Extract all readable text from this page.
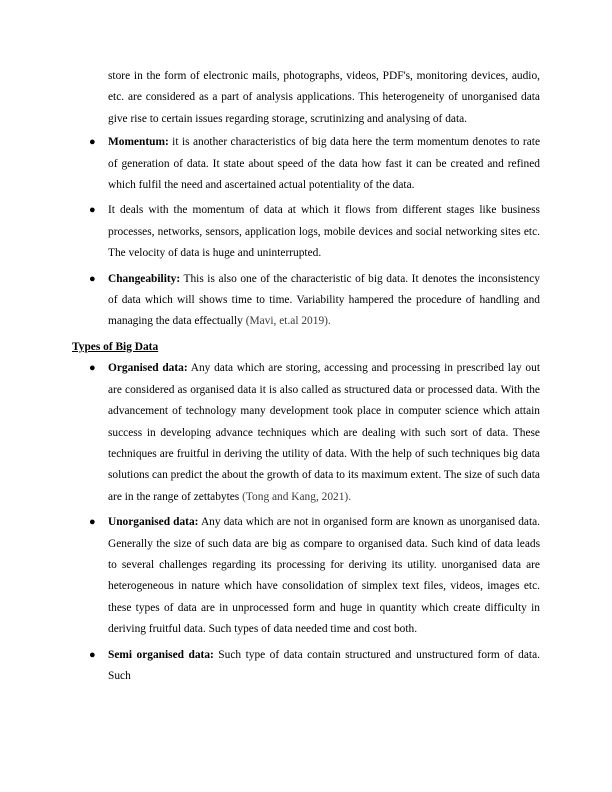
store in the form of electronic mails, photographs, videos, PDF's, monitoring devices, audio, etc. are considered as a part of analysis applications. This heterogeneity of unorganised data give rise to certain issues regarding storage, scrutinizing and analysing of data.
● Momentum: it is another characteristics of big data here the term momentum denotes to rate of generation of data. It state about speed of the data how fast it can be created and refined which fulfil the need and ascertained actual potentiality of the data.
● It deals with the momentum of data at which it flows from different stages like business processes, networks, sensors, application logs, mobile devices and social networking sites etc. The velocity of data is huge and uninterrupted.
● Changeability: This is also one of the characteristic of big data. It denotes the inconsistency of data which will shows time to time. Variability hampered the procedure of handling and managing the data effectually (Mavi, et.al 2019).

Types of Big Data

● Organised data: Any data which are storing, accessing and processing in prescribed lay out are considered as organised data it is also called as structured data or processed data. With the advancement of technology many development took place in computer science which attain success in developing advance techniques which are dealing with such sort of data. These techniques are fruitful in deriving the utility of data. With the help of such techniques big data solutions can predict the about the growth of data to its maximum extent. The size of such data are in the range of zettabytes (Tong and Kang, 2021).
● Unorganised data: Any data which are not in organised form are known as unorganised data. Generally the size of such data are big as compare to organised data. Such kind of data leads to several challenges regarding its processing for deriving its utility. unorganised data are heterogeneous in nature which have consolidation of simplex text files, videos, images etc. these types of data are in unprocessed form and huge in quantity which create difficulty in deriving fruitful data. Such types of data needed time and cost both.
● Semi organised data: Such type of data contain structured and unstructured form of data. Such
